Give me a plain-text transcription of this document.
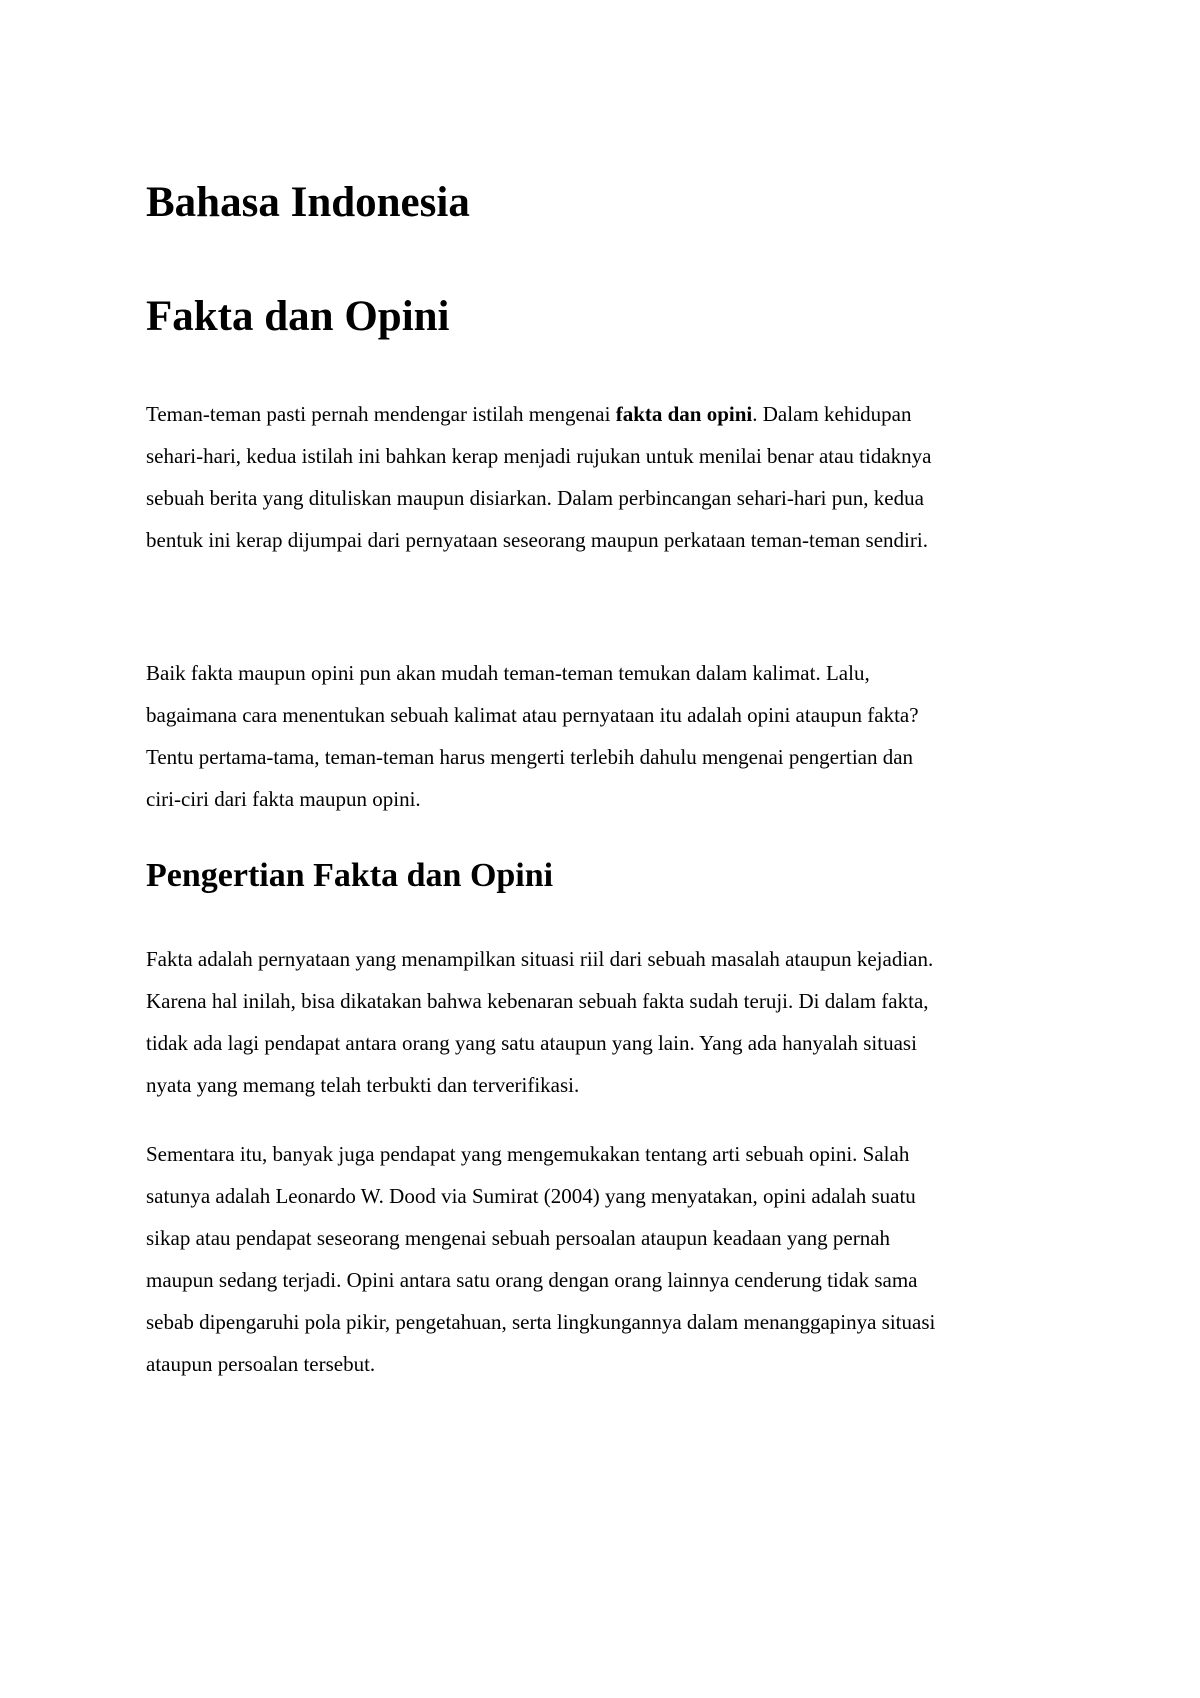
Bahasa Indonesia
Fakta dan Opini

Teman-teman pasti pernah mendengar istilah mengenai fakta dan opini. Dalam kehidupan
sehari-hari, kedua istilah ini bahkan kerap menjadi rujukan untuk menilai benar atau tidaknya
sebuah berita yang dituliskan maupun disiarkan. Dalam perbincangan sehari-hari pun, kedua
bentuk ini kerap dijumpai dari pernyataan seseorang maupun perkataan teman-teman sendiri.

Baik fakta maupun opini pun akan mudah teman-teman temukan dalam kalimat. Lalu,
bagaimana cara menentukan sebuah kalimat atau pernyataan itu adalah opini ataupun fakta?
Tentu pertama-tama, teman-teman harus mengerti terlebih dahulu mengenai pengertian dan
ciri-ciri dari fakta maupun opini.

Pengertian Fakta dan Opini

Fakta adalah pernyataan yang menampilkan situasi riil dari sebuah masalah ataupun kejadian.
Karena hal inilah, bisa dikatakan bahwa kebenaran sebuah fakta sudah teruji. Di dalam fakta,
tidak ada lagi pendapat antara orang yang satu ataupun yang lain. Yang ada hanyalah situasi
nyata yang memang telah terbukti dan terverifikasi.

Sementara itu, banyak juga pendapat yang mengemukakan tentang arti sebuah opini. Salah
satunya adalah Leonardo W. Dood via Sumirat (2004) yang menyatakan, opini adalah suatu
sikap atau pendapat seseorang mengenai sebuah persoalan ataupun keadaan yang pernah
maupun sedang terjadi. Opini antara satu orang dengan orang lainnya cenderung tidak sama
sebab dipengaruhi pola pikir, pengetahuan, serta lingkungannya dalam menanggapinya situasi
ataupun persoalan tersebut.
